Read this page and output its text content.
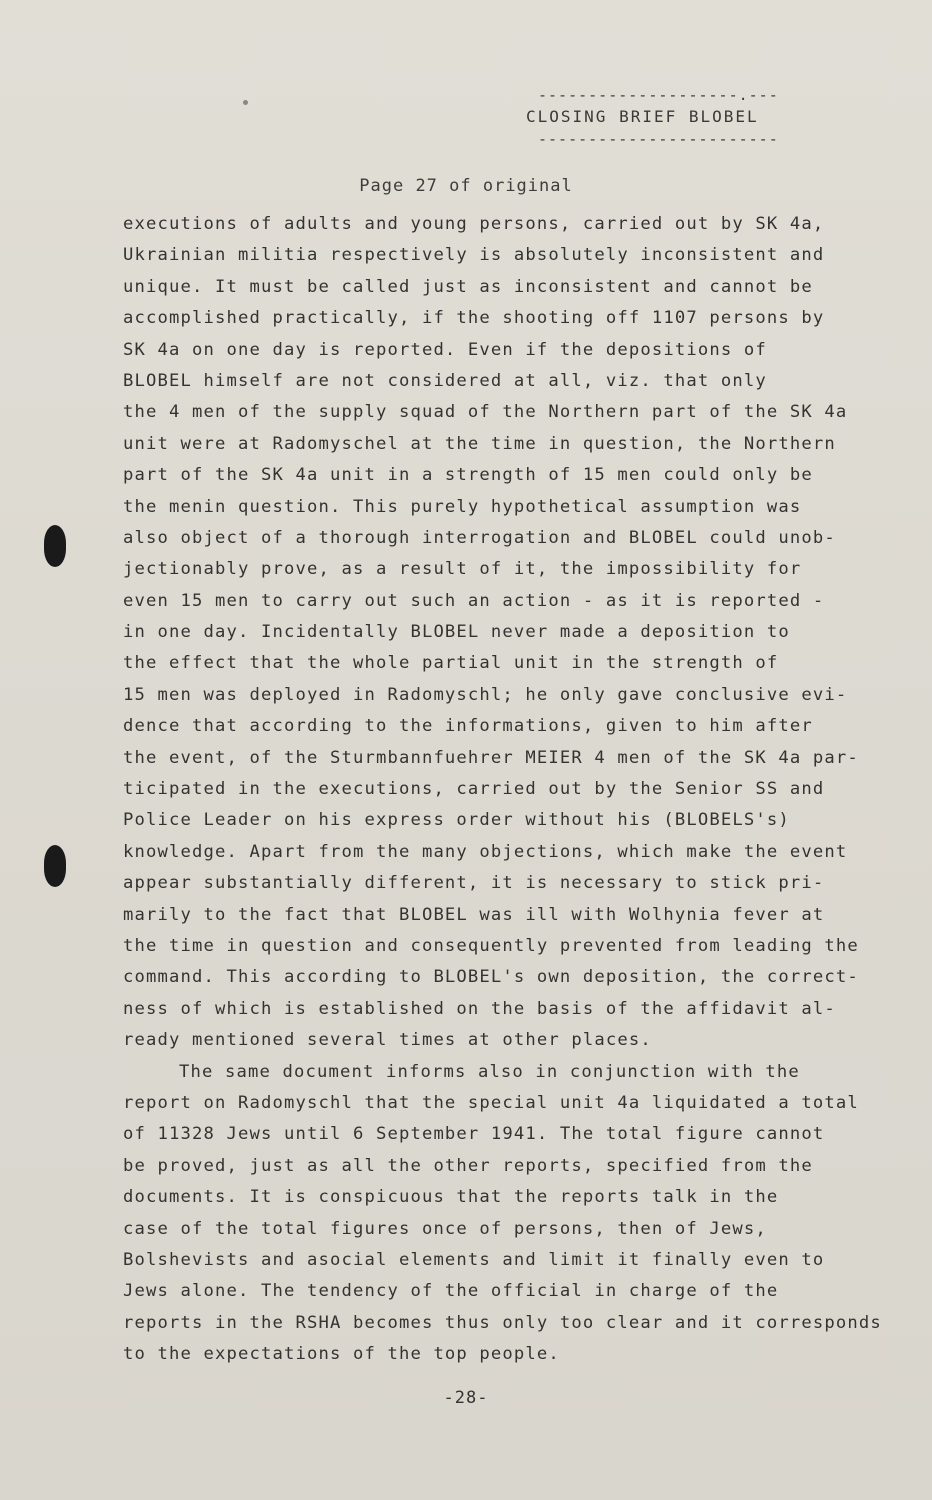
--------------------.---
CLOSING BRIEF BLOBEL
------------------------
Page 27 of original
executions of adults and young persons, carried out by SK 4a,
Ukrainian militia respectively is absolutely inconsistent and
unique. It must be called just as inconsistent and cannot be
accomplished practically, if the shooting off 1107 persons by
SK 4a on one day is reported. Even if the depositions of
BLOBEL himself are not considered at all, viz. that only
the 4 men of the supply squad of the Northern part of the SK 4a
unit were at Radomyschel at the time in question, the Northern
part of the SK 4a unit in a strength of 15 men could only be
the menin question. This purely hypothetical assumption was
also object of a thorough interrogation and BLOBEL could unob-
jectionably prove, as a result of it, the impossibility for
even 15 men to carry out such an action - as it is reported -
in one day. Incidentally BLOBEL never made a deposition to
the effect that the whole partial unit in the strength of
15 men was deployed in Radomyschl; he only gave conclusive evi-
dence that according to the informations, given to him after
the event, of the Sturmbannfuehrer MEIER 4 men of the SK 4a par-
ticipated in the executions, carried out by the Senior SS and
Police Leader on his express order without his (BLOBELS's)
knowledge. Apart from the many objections, which make the event
appear substantially different, it is necessary to stick pri-
marily to the fact that BLOBEL was ill with Wolhynia fever at
the time in question and consequently prevented from leading the
command. This according to BLOBEL's own deposition, the correct-
ness of which is established on the basis of the affidavit al-
ready mentioned several times at other places.
The same document informs also in conjunction with the
report on Radomyschl that the special unit 4a liquidated a total
of 11328 Jews until 6 September 1941. The total figure cannot
be proved, just as all the other reports, specified from the
documents. It is conspicuous that the reports talk in the
case of the total figures once of persons, then of Jews,
Bolshevists and asocial elements and limit it finally even to
Jews alone. The tendency of the official in charge of the
reports in the RSHA becomes thus only too clear and it corresponds
to the expectations of the top people.
-28-
